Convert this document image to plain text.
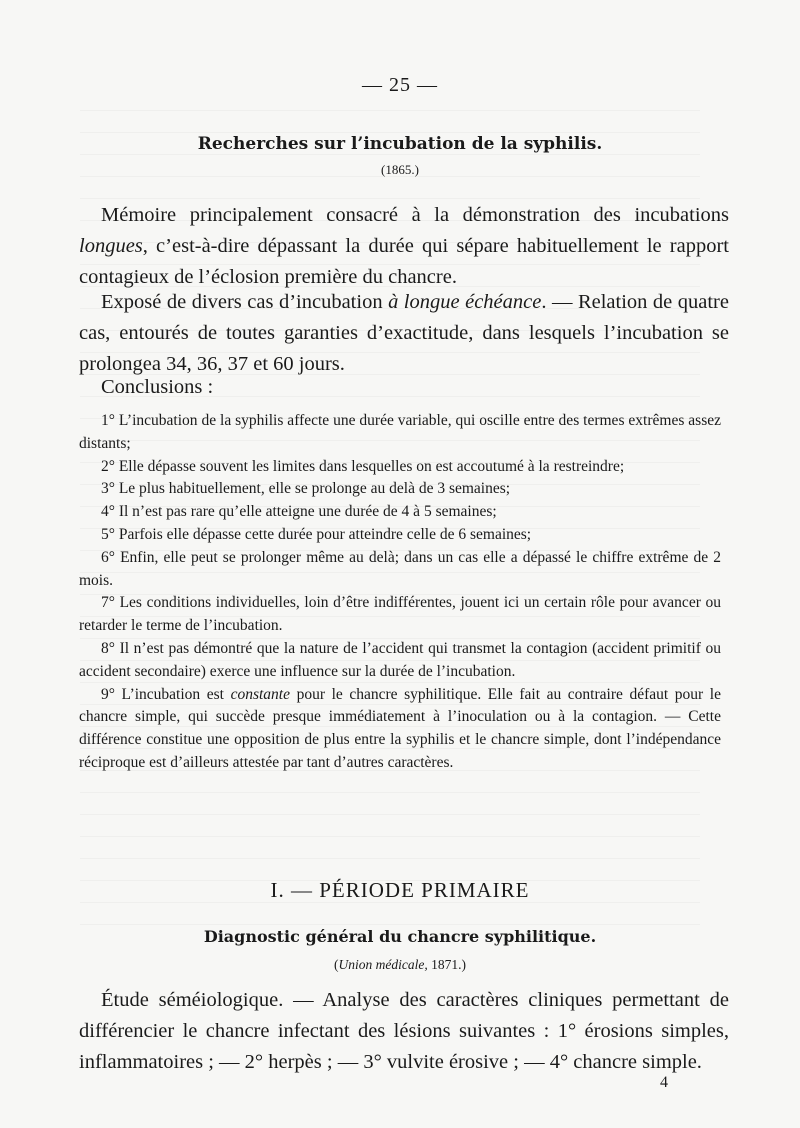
— 25 —
Recherches sur l’incubation de la syphilis.
(1865.)

Mémoire principalement consacré à la démonstration des incubations longues, c’est-à-dire dépassant la durée qui sépare habituellement le rapport contagieux de l’éclosion première du chancre.

Exposé de divers cas d’incubation à longue échéance. — Relation de quatre cas, entourés de toutes garanties d’exactitude, dans lesquels l’incubation se prolongea 34, 36, 37 et 60 jours.

Conclusions :

1° L’incubation de la syphilis affecte une durée variable, qui oscille entre des termes extrêmes assez distants;

2° Elle dépasse souvent les limites dans lesquelles on est accoutumé à la restreindre;

3° Le plus habituellement, elle se prolonge au delà de 3 semaines;

4° Il n’est pas rare qu’elle atteigne une durée de 4 à 5 semaines;

5° Parfois elle dépasse cette durée pour atteindre celle de 6 semaines;

6° Enfin, elle peut se prolonger même au delà; dans un cas elle a dépassé le chiffre extrême de 2 mois.

7° Les conditions individuelles, loin d’être indifférentes, jouent ici un certain rôle pour avancer ou retarder le terme de l’incubation.

8° Il n’est pas démontré que la nature de l’accident qui transmet la contagion (accident primitif ou accident secondaire) exerce une influence sur la durée de l’incubation.

9° L’incubation est constante pour le chancre syphilitique. Elle fait au contraire défaut pour le chancre simple, qui succède presque immédiatement à l’inoculation ou à la contagion. — Cette différence constitue une opposition de plus entre la syphilis et le chancre simple, dont l’indépendance réciproque est d’ailleurs attestée par tant d’autres caractères.

I. — PÉRIODE PRIMAIRE
Diagnostic général du chancre syphilitique.
(Union médicale, 1871.)

Étude séméiologique. — Analyse des caractères cliniques permettant de différencier le chancre infectant des lésions suivantes : 1° érosions simples, inflammatoires ; — 2° herpès ; — 3° vulvite érosive ; — 4° chancre simple.

4
